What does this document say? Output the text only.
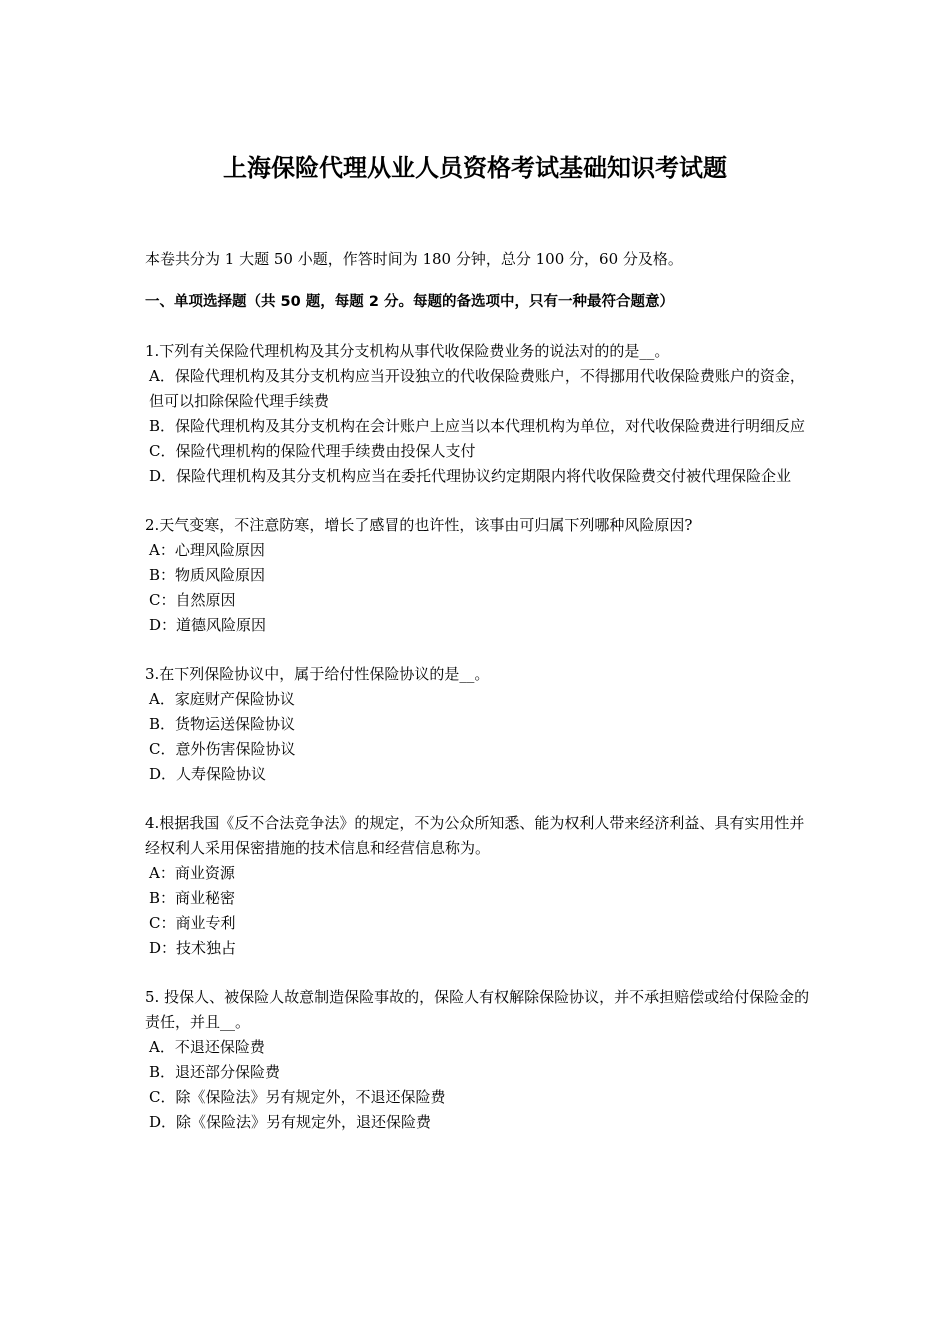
上海保险代理从业人员资格考试基础知识考试题

本卷共分为 1 大题 50 小题，作答时间为 180 分钟，总分 100 分，60 分及格。

一、单项选择题（共 50 题，每题 2 分。每题的备选项中，只有一种最符合题意）

1.下列有关保险代理机构及其分支机构从事代收保险费业务的说法对的的是__。

A．保险代理机构及其分支机构应当开设独立的代收保险费账户，不得挪用代收保险费账户的资金，但可以扣除保险代理手续费

B．保险代理机构及其分支机构在会计账户上应当以本代理机构为单位，对代收保险费进行明细反应

C．保险代理机构的保险代理手续费由投保人支付

D．保险代理机构及其分支机构应当在委托代理协议约定期限内将代收保险费交付被代理保险企业

2.天气变寒，不注意防寒，增长了感冒的也许性，该事由可归属下列哪种风险原因?

A：心理风险原因

B：物质风险原因

C：自然原因

D：道德风险原因

3.在下列保险协议中，属于给付性保险协议的是__。

A．家庭财产保险协议

B．货物运送保险协议

C．意外伤害保险协议

D．人寿保险协议

4.根据我国《反不合法竞争法》的规定，不为公众所知悉、能为权利人带来经济利益、具有实用性并经权利人采用保密措施的技术信息和经营信息称为。

A：商业资源

B：商业秘密

C：商业专利

D：技术独占

5. 投保人、被保险人故意制造保险事故的，保险人有权解除保险协议，并不承担赔偿或给付保险金的责任，并且__。

A．不退还保险费

B．退还部分保险费

C．除《保险法》另有规定外，不退还保险费

D．除《保险法》另有规定外，退还保险费
